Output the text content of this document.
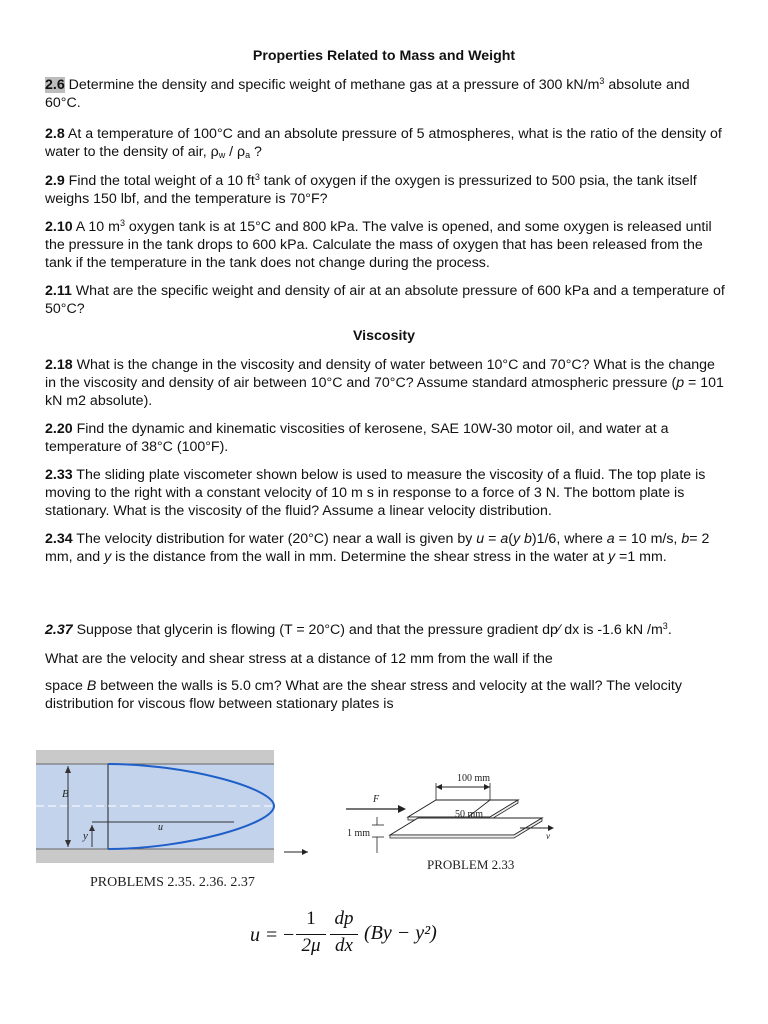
Properties Related to Mass and Weight

2.6 Determine the density and specific weight of methane gas at a pressure of 300 $kN/m^3$ absolute and 60°C.

2.8 At a temperature of 100°C and an absolute pressure of 5 atmospheres, what is the ratio of the density of water to the density of air, $\rho_w / \rho_a$ ?

2.9 Find the total weight of a 10 $ft^3$ tank of oxygen if the oxygen is pressurized to 500 psia, the tank itself weighs 150 lbf, and the temperature is 70°F?

2.10 A 10 $m^3$ oxygen tank is at 15°C and 800 kPa. The valve is opened, and some oxygen is released until the pressure in the tank drops to 600 kPa. Calculate the mass of oxygen that has been released from the tank if the temperature in the tank does not change during the process.

2.11 What are the specific weight and density of air at an absolute pressure of 600 kPa and a temperature of 50°C?

Viscosity

2.18 What is the change in the viscosity and density of water between 10°C and 70°C? What is the change in the viscosity and density of air between 10°C and 70°C? Assume standard atmospheric pressure (p = 101 kN m2 absolute).

2.20 Find the dynamic and kinematic viscosities of kerosene, SAE 10W-30 motor oil, and water at a temperature of 38°C (100°F).

2.33 The sliding plate viscometer shown below is used to measure the viscosity of a fluid. The top plate is moving to the right with a constant velocity of 10 m s in response to a force of 3 N. The bottom plate is stationary. What is the viscosity of the fluid? Assume a linear velocity distribution.

2.34 The velocity distribution for water (20°C) near a wall is given by u = a(y b)1/6, where a = 10 m/s, b= 2 mm, and y is the distance from the wall in mm. Determine the shear stress in the water at y =1 mm.

2.37 Suppose that glycerin is flowing (T = 20°C) and that the pressure gradient dp∕ dx is -1.6 kN $/m^3$.

What are the velocity and shear stress at a distance of 12 mm from the wall if the

space B between the walls is 5.0 cm? What are the shear stress and velocity at the wall? The velocity distribution for viscous flow between stationary plates is

B
y
u
PROBLEMS 2.35. 2.36. 2.37
100 mm
50 mm
F
v
1 mm
PROBLEM 2.33
u = −
1
2μ
dp
dx
(By − y²)
